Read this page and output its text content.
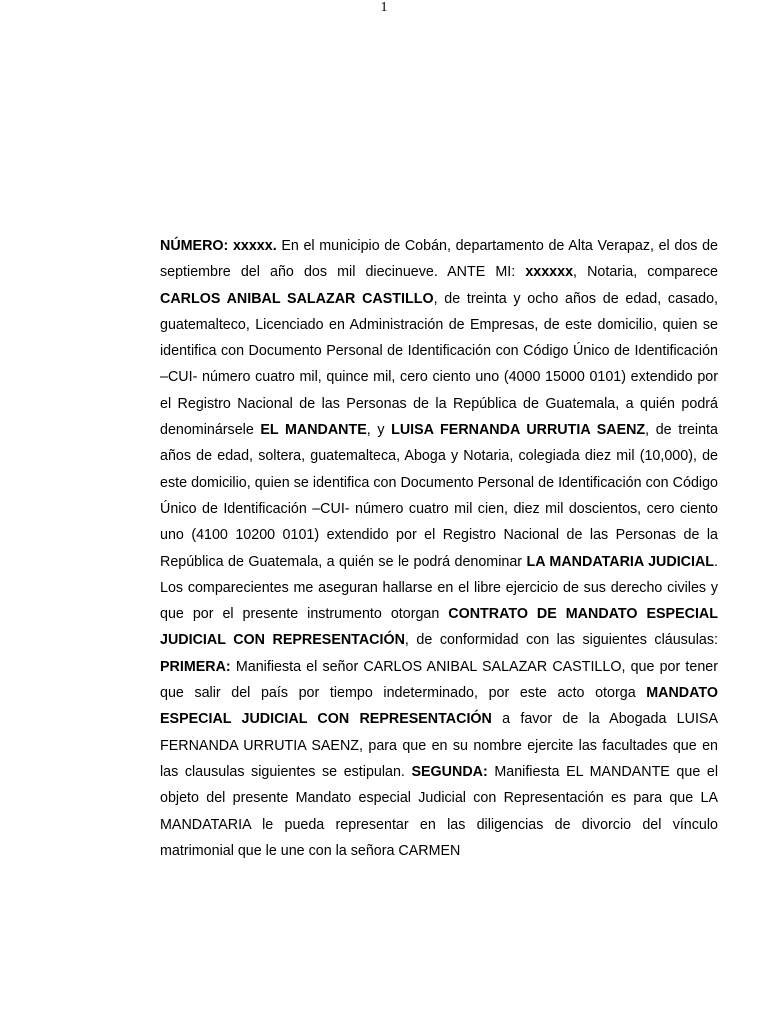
1

NÚMERO: xxxxx. En el municipio de Cobán, departamento de Alta Verapaz, el dos de septiembre del año dos mil diecinueve. ANTE MI: xxxxxx, Notaria, comparece CARLOS ANIBAL SALAZAR CASTILLO, de treinta y ocho años de edad, casado, guatemalteco, Licenciado en Administración de Empresas, de este domicilio, quien se identifica con Documento Personal de Identificación con Código Único de Identificación –CUI- número cuatro mil, quince mil, cero ciento uno (4000 15000 0101) extendido por el Registro Nacional de las Personas de la República de Guatemala, a quién podrá denominársele EL MANDANTE, y LUISA FERNANDA URRUTIA SAENZ, de treinta años de edad, soltera, guatemalteca, Aboga y Notaria, colegiada diez mil (10,000), de este domicilio, quien se identifica con Documento Personal de Identificación con Código Único de Identificación –CUI- número cuatro mil cien, diez mil doscientos, cero ciento uno (4100 10200 0101) extendido por el Registro Nacional de las Personas de la República de Guatemala, a quién se le podrá denominar LA MANDATARIA JUDICIAL. Los comparecientes me aseguran hallarse en el libre ejercicio de sus derecho civiles y que por el presente instrumento otorgan CONTRATO DE MANDATO ESPECIAL JUDICIAL CON REPRESENTACIÓN, de conformidad con las siguientes cláusulas: PRIMERA: Manifiesta el señor CARLOS ANIBAL SALAZAR CASTILLO, que por tener que salir del país por tiempo indeterminado, por este acto otorga MANDATO ESPECIAL JUDICIAL CON REPRESENTACIÓN a favor de la Abogada LUISA FERNANDA URRUTIA SAENZ, para que en su nombre ejercite las facultades que en las clausulas siguientes se estipulan. SEGUNDA: Manifiesta EL MANDANTE que el objeto del presente Mandato especial Judicial con Representación es para que LA MANDATARIA le pueda representar en las diligencias de divorcio del vínculo matrimonial que le une con la señora CARMEN
